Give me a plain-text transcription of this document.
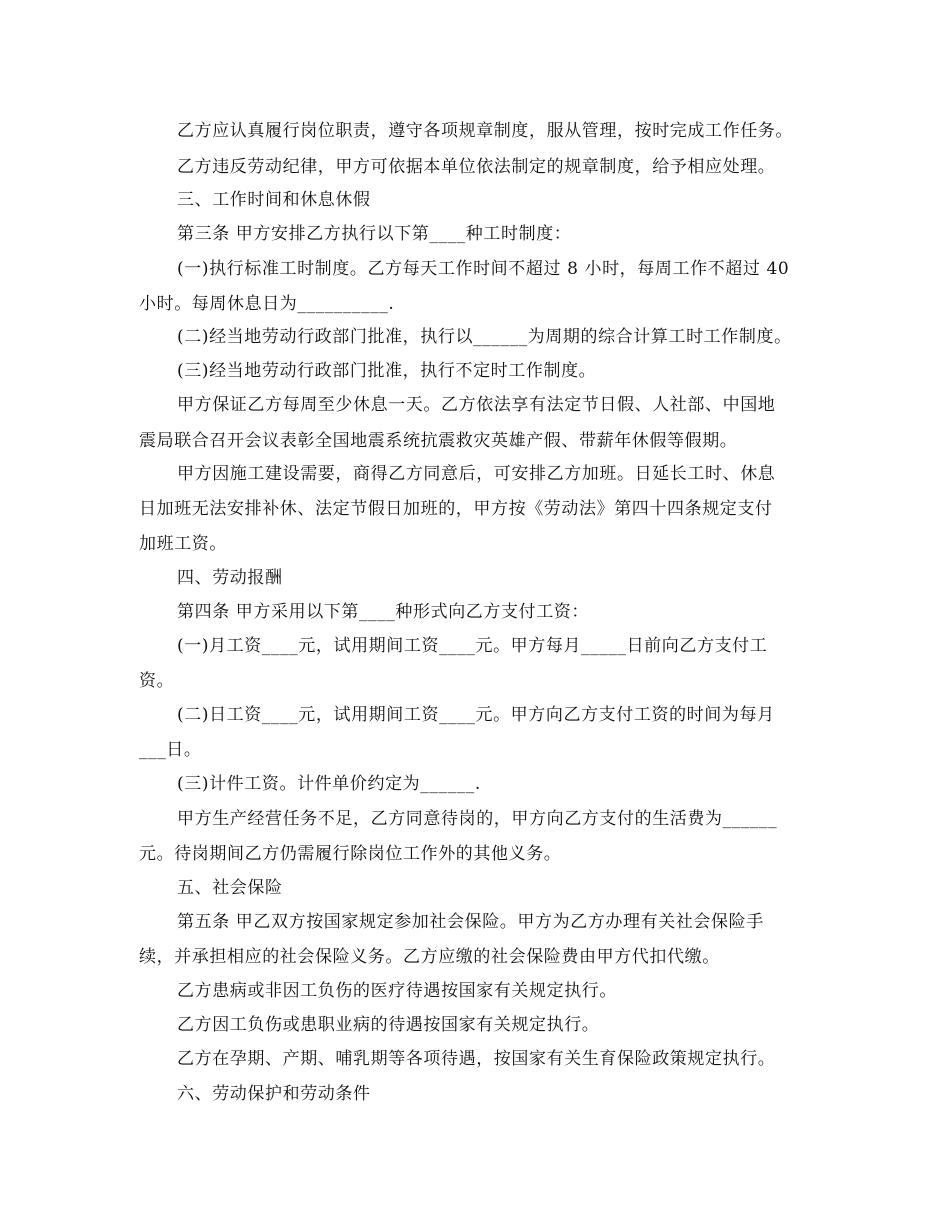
乙方应认真履行岗位职责，遵守各项规章制度，服从管理，按时完成工作任务。
乙方违反劳动纪律，甲方可依据本单位依法制定的规章制度，给予相应处理。
三、工作时间和休息休假
第三条 甲方安排乙方执行以下第____种工时制度：
(一)执行标准工时制度。乙方每天工作时间不超过 8 小时，每周工作不超过 40
小时。每周休息日为__________.
(二)经当地劳动行政部门批准，执行以______为周期的综合计算工时工作制度。
(三)经当地劳动行政部门批准，执行不定时工作制度。
甲方保证乙方每周至少休息一天。乙方依法享有法定节日假、人社部、中国地
震局联合召开会议表彰全国地震系统抗震救灾英雄产假、带薪年休假等假期。
甲方因施工建设需要，商得乙方同意后，可安排乙方加班。日延长工时、休息
日加班无法安排补休、法定节假日加班的，甲方按《劳动法》第四十四条规定支付
加班工资。
四、劳动报酬
第四条 甲方采用以下第____种形式向乙方支付工资：
(一)月工资____元，试用期间工资____元。甲方每月_____日前向乙方支付工
资。
(二)日工资____元，试用期间工资____元。甲方向乙方支付工资的时间为每月
___日。
(三)计件工资。计件单价约定为______.
甲方生产经营任务不足，乙方同意待岗的，甲方向乙方支付的生活费为______
元。待岗期间乙方仍需履行除岗位工作外的其他义务。
五、社会保险
第五条 甲乙双方按国家规定参加社会保险。甲方为乙方办理有关社会保险手
续，并承担相应的社会保险义务。乙方应缴的社会保险费由甲方代扣代缴。
乙方患病或非因工负伤的医疗待遇按国家有关规定执行。
乙方因工负伤或患职业病的待遇按国家有关规定执行。
乙方在孕期、产期、哺乳期等各项待遇，按国家有关生育保险政策规定执行。
六、劳动保护和劳动条件
